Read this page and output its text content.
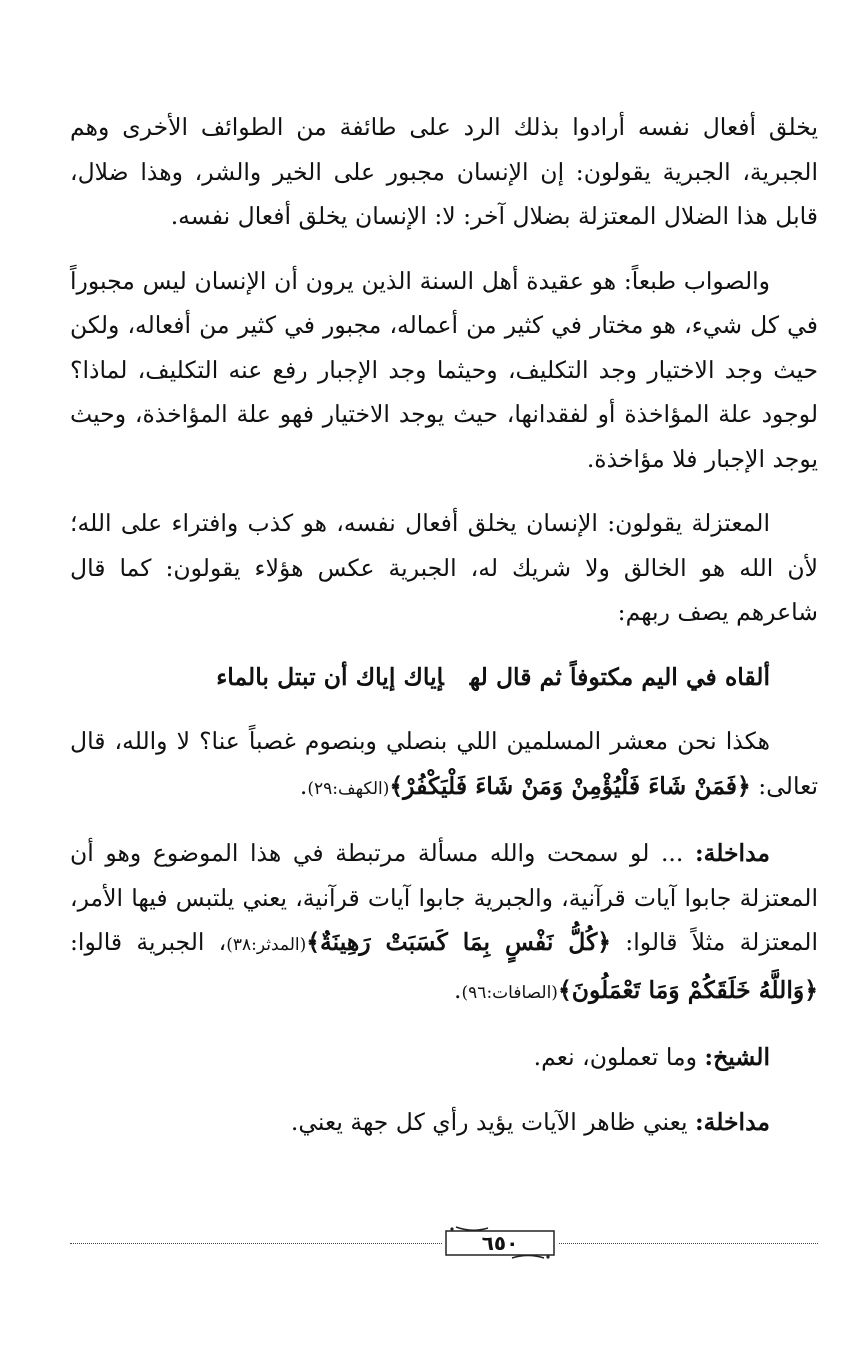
يخلق أفعال نفسه أرادوا بذلك الرد على طائفة من الطوائف الأخرى وهم الجبرية، الجبرية يقولون: إن الإنسان مجبور على الخير والشر، وهذا ضلال، قابل هذا الضلال المعتزلة بضلال آخر: لا: الإنسان يخلق أفعال نفسه.

والصواب طبعاً: هو عقيدة أهل السنة الذين يرون أن الإنسان ليس مجبوراً في كل شيء، هو مختار في كثير من أعماله، مجبور في كثير من أفعاله، ولكن حيث وجد الاختيار وجد التكليف، وحيثما وجد الإجبار رفع عنه التكليف، لماذا؟ لوجود علة المؤاخذة أو لفقدانها، حيث يوجد الاختيار فهو علة المؤاخذة، وحيث يوجد الإجبار فلا مؤاخذة.

المعتزلة يقولون: الإنسان يخلق أفعال نفسه، هو كذب وافتراء على الله؛ لأن الله هو الخالق ولا شريك له، الجبرية عكس هؤلاء يقولون: كما قال شاعرهم يصف ربهم:

ألقاه في اليم مكتوفاً ثم قال لهإياك إياك أن تبتل بالماء

هكذا نحن معشر المسلمين اللي بنصلي وبنصوم غصباً عنا؟ لا والله، قال تعالى: ﴿فَمَنْ شَاءَ فَلْيُؤْمِنْ وَمَنْ شَاءَ فَلْيَكْفُرْ﴾(الكهف:٢٩).

مداخلة: ... لو سمحت والله مسألة مرتبطة في هذا الموضوع وهو أن المعتزلة جابوا آيات قرآنية، والجبرية جابوا آيات قرآنية، يعني يلتبس فيها الأمر، المعتزلة مثلاً قالوا: ﴿كُلُّ نَفْسٍ بِمَا كَسَبَتْ رَهِينَةٌ﴾(المدثر:٣٨)، الجبرية قالوا: ﴿وَاللَّهُ خَلَقَكُمْ وَمَا تَعْمَلُونَ﴾(الصافات:٩٦).

الشيخ: وما تعملون، نعم.

مداخلة: يعني ظاهر الآيات يؤيد رأي كل جهة يعني.

٦٥٠
